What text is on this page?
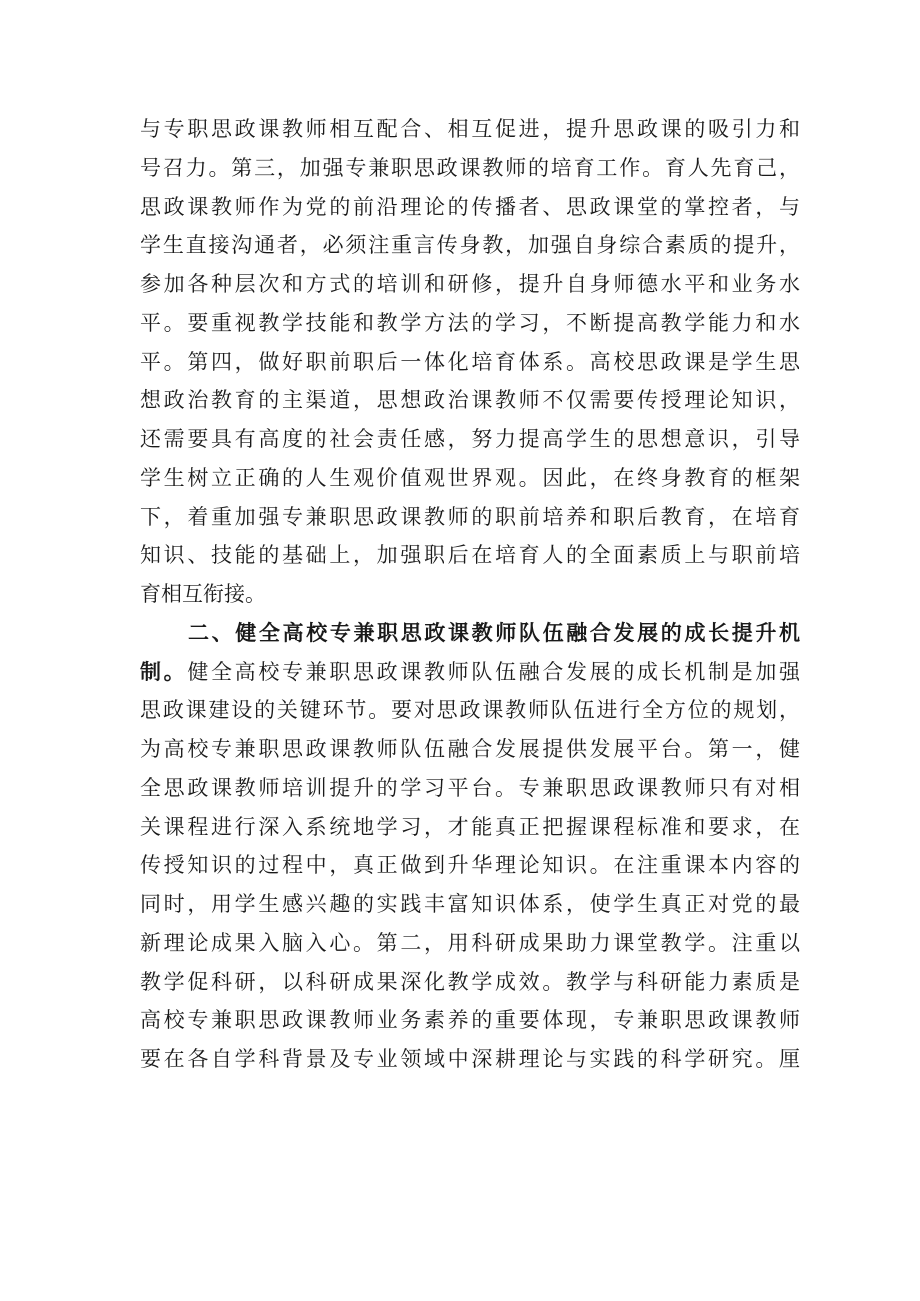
与专职思政课教师相互配合、相互促进，提升思政课的吸引力和
号召力。第三，加强专兼职思政课教师的培育工作。育人先育己，
思政课教师作为党的前沿理论的传播者、思政课堂的掌控者，与
学生直接沟通者，必须注重言传身教，加强自身综合素质的提升，
参加各种层次和方式的培训和研修，提升自身师德水平和业务水
平。要重视教学技能和教学方法的学习，不断提高教学能力和水
平。第四，做好职前职后一体化培育体系。高校思政课是学生思
想政治教育的主渠道，思想政治课教师不仅需要传授理论知识，
还需要具有高度的社会责任感，努力提高学生的思想意识，引导
学生树立正确的人生观价值观世界观。因此，在终身教育的框架
下，着重加强专兼职思政课教师的职前培养和职后教育，在培育
知识、技能的基础上，加强职后在培育人的全面素质上与职前培
育相互衔接。
二、健全高校专兼职思政课教师队伍融合发展的成长提升机
制。健全高校专兼职思政课教师队伍融合发展的成长机制是加强
思政课建设的关键环节。要对思政课教师队伍进行全方位的规划，
为高校专兼职思政课教师队伍融合发展提供发展平台。第一，健
全思政课教师培训提升的学习平台。专兼职思政课教师只有对相
关课程进行深入系统地学习，才能真正把握课程标准和要求，在
传授知识的过程中，真正做到升华理论知识。在注重课本内容的
同时，用学生感兴趣的实践丰富知识体系，使学生真正对党的最
新理论成果入脑入心。第二，用科研成果助力课堂教学。注重以
教学促科研，以科研成果深化教学成效。教学与科研能力素质是
高校专兼职思政课教师业务素养的重要体现，专兼职思政课教师
要在各自学科背景及专业领域中深耕理论与实践的科学研究。厘
